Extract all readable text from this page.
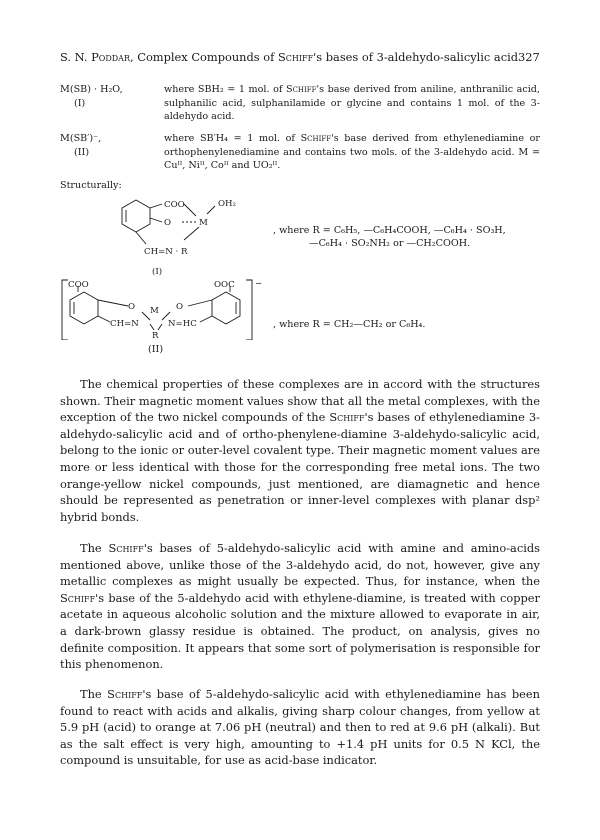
S. N. Poddar, Complex Compounds of Schiff's bases of 3-aldehydo-salicylic acid 327
M(SB) · H₂O,
(I)
where SBH₂ = 1 mol. of Schiff's base derived from aniline, anthranilic acid, sulphanilic acid, sulphanilamide or glycine and contains 1 mol. of the 3-aldehydo acid.
M(SB′)⁻,
(II)
where SB′H₄ = 1 mol. of Schiff's base derived from ethylenediamine or orthophenylenediamine and contains two mols. of the 3-aldehydo acid. M = Cuᴵᴵ, Niᴵᴵ, Coᴵᴵ and UO₂ᴵᴵ.
Structurally:
COO	OH₂
O	M
CH=N · R
(I)
COO	OOC −
O M O
CH=N	N=HC
R
, where R = C₆H₅, —C₆H₄COOH, —C₆H₄ · SO₃H,
—C₆H₄ · SO₂NH₂ or —CH₂COOH.
, where R = CH₂—CH₂ or C₆H₄.
(II)

The chemical properties of these complexes are in accord with the structures shown. Their magnetic moment values show that all the metal complexes, with the exception of the two nickel compounds of the Schiff's bases of ethylenediamine 3-aldehydo-salicylic acid and of ortho-phenylene-diamine 3-aldehydo-salicylic acid, belong to the ionic or outer-level covalent type. Their magnetic moment values are more or less identical with those for the corresponding free metal ions. The two orange-yellow nickel compounds, just mentioned, are diamagnetic and hence should be represented as penetration or inner-level complexes with planar dsp² hybrid bonds.

The Schiff's bases of 5-aldehydo-salicylic acid with amine and amino-acids mentioned above, unlike those of the 3-aldehydo acid, do not, however, give any metallic complexes as might usually be expected. Thus, for instance, when the Schiff's base of the 5-aldehydo acid with ethylene-diamine, is treated with copper acetate in aqueous alcoholic solution and the mixture allowed to evaporate in air, a dark-brown glassy residue is obtained. The product, on analysis, gives no definite composition. It appears that some sort of polymerisation is responsible for this phenomenon.

The Schiff's base of 5-aldehydo-salicylic acid with ethylenediamine has been found to react with acids and alkalis, giving sharp colour changes, from yellow at 5.9 pH (acid) to orange at 7.06 pH (neutral) and then to red at 9.6 pH (alkali). But as the salt effect is very high, amounting to +1.4 pH units for 0.5 N KCl, the compound is unsuitable, for use as acid-base indicator.
